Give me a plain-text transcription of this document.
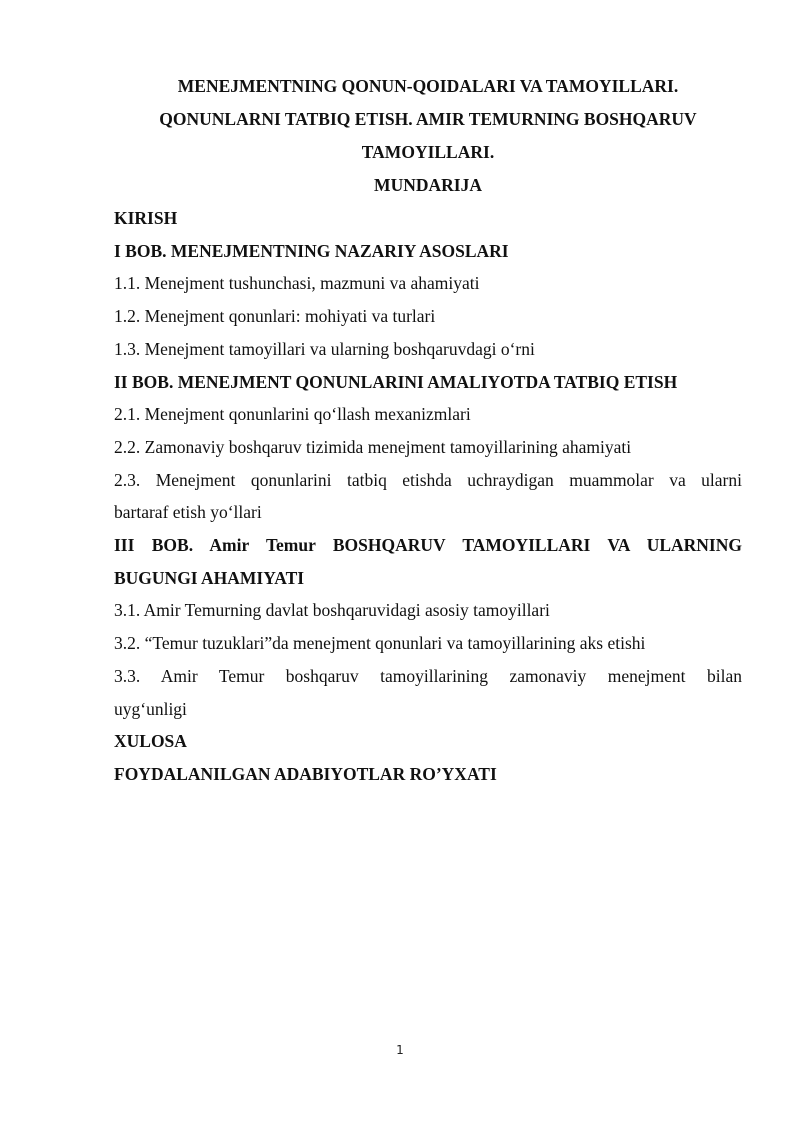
MENEJMENTNING QONUN-QOIDALARI VA TAMOYILLARI.

QONUNLARNI TATBIQ ETISH. AMIR TEMURNING BOSHQARUV

TAMOYILLARI.

MUNDARIJA

KIRISH

I BOB. MENEJMENTNING NAZARIY ASOSLARI

1.1. Menejment tushunchasi, mazmuni va ahamiyati

1.2. Menejment qonunlari: mohiyati va turlari

1.3. Menejment tamoyillari va ularning boshqaruvdagi o‘rni

II BOB. MENEJMENT QONUNLARINI AMALIYOTDA TATBIQ ETISH

2.1. Menejment qonunlarini qo‘llash mexanizmlari

2.2. Zamonaviy boshqaruv tizimida menejment tamoyillarining ahamiyati

2.3. Menejment qonunlarini tatbiq etishda uchraydigan muammolar va ularni

bartaraf etish yo‘llari

III BOB. Amir Temur BOSHQARUV TAMOYILLARI VA ULARNING

BUGUNGI AHAMIYATI

3.1. Amir Temurning davlat boshqaruvidagi asosiy tamoyillari

3.2. “Temur tuzuklari”da menejment qonunlari va tamoyillarining aks etishi

3.3. Amir Temur boshqaruv tamoyillarining zamonaviy menejment bilan

uyg‘unligi

XULOSA

FOYDALANILGAN ADABIYOTLAR RO’YXATI

1
